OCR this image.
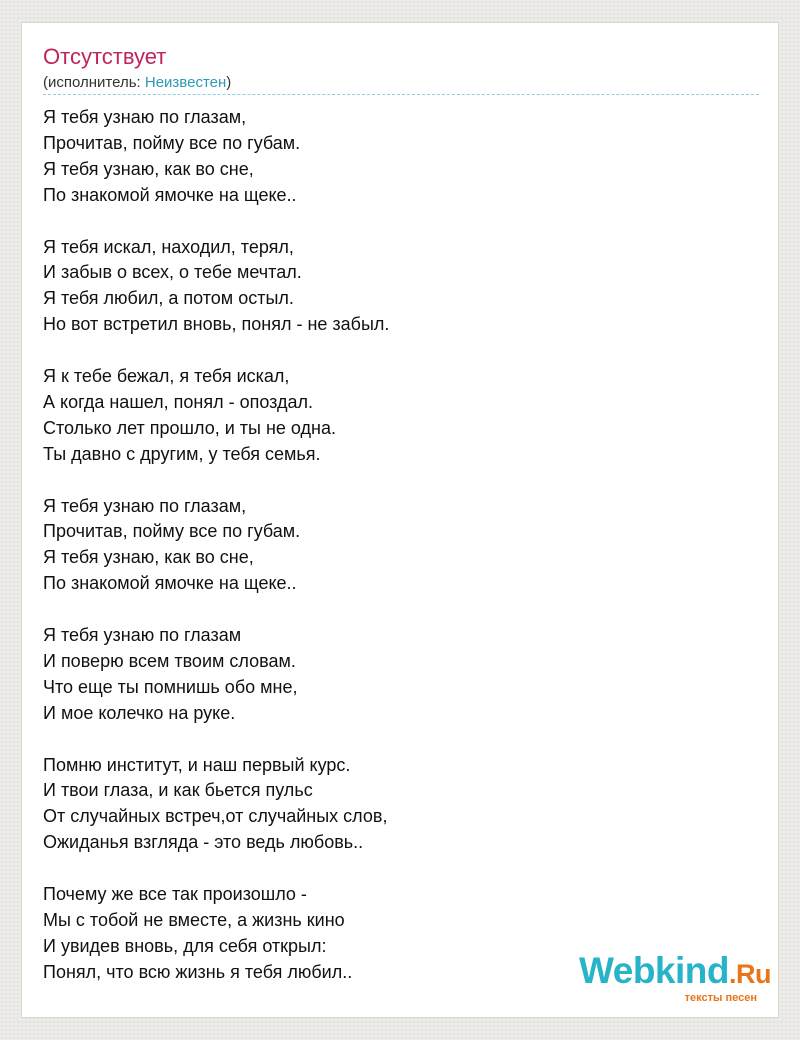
Отсутствует
(исполнитель: Неизвестен)
Я тебя узнаю по глазам,
Прочитав, пойму все по губам.
Я тебя узнаю, как во сне,
По знакомой ямочке на щеке..
Я тебя искал, находил, терял,
И забыв о всех, о тебе мечтал.
Я тебя любил, а потом остыл.
Но вот встретил вновь, понял - не забыл.
Я к тебе бежал, я тебя искал,
А когда нашел, понял - опоздал.
Столько лет прошло, и ты не одна.
Ты давно с другим, у тебя семья.
Я тебя узнаю по глазам,
Прочитав, пойму все по губам.
Я тебя узнаю, как во сне,
По знакомой ямочке на щеке..
Я тебя узнаю по глазам
И поверю всем твоим словам.
Что еще ты помнишь обо мне,
И мое колечко на руке.
Помню институт, и наш первый курс.
И твои глаза, и как бьется пульс
От случайных встреч,от случайных слов,
Ожиданья взгляда - это ведь любовь..
Почему же все так произошло -
Мы с тобой не вместе, а жизнь кино
И увидев вновь, для себя открыл:
Понял, что всю жизнь я тебя любил..	Webkind.Ru
тексты песен
